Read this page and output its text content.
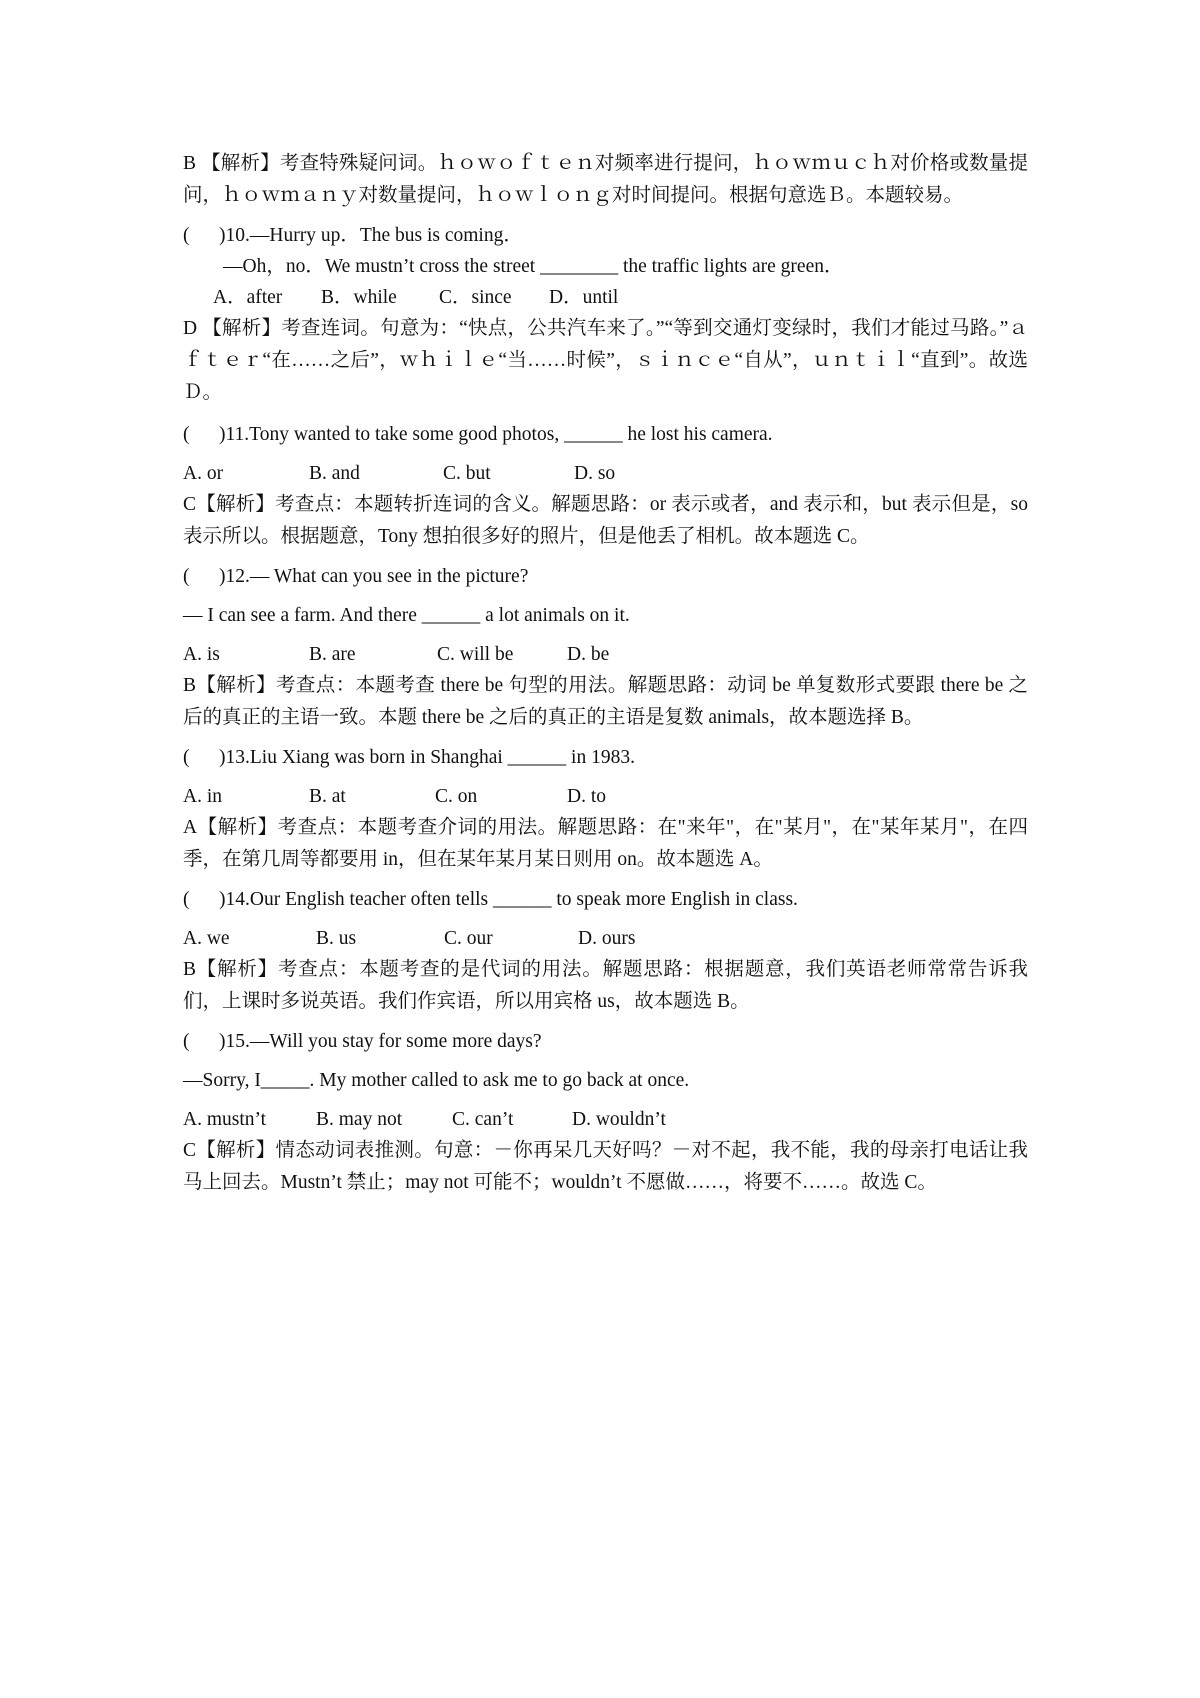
B 【解析】考查特殊疑问词。ｈｏｗｏｆｔｅｎ对频率进行提问，ｈｏｗｍｕｃｈ对价格或数量提问，ｈｏｗｍａｎｙ对数量提问，ｈｏｗｌｏｎｇ对时间提问。根据句意选Ｂ。本题较易。
( )10.—Hurry up．The bus is coming．
—Oh，no．We mustn’t cross the street ________ the traffic lights are green．
A．after B．while C．since D．until
D 【解析】考查连词。句意为：“快点，公共汽车来了。”“等到交通灯变绿时，我们才能过马路。”ａｆｔｅｒ“在……之后”，ｗｈｉｌｅ“当……时候”，ｓｉｎｃｅ“自从”，ｕｎｔｉｌ“直到”。故选Ｄ。
( )11.Tony wanted to take some good photos, ______ he lost his camera.
A. or	B. and	C. but	D. so
C【解析】考查点：本题转折连词的含义。解题思路：or 表示或者，and 表示和，but 表示但是，so 表示所以。根据题意，Tony 想拍很多好的照片，但是他丢了相机。故本题选 C。
( )12.— What can you see in the picture?
— I can see a farm. And there ______ a lot animals on it.
A. is	B. are	C. will be	D. be
B【解析】考查点：本题考查 there be 句型的用法。解题思路：动词 be 单复数形式要跟 there be 之后的真正的主语一致。本题 there be 之后的真正的主语是复数 animals，故本题选择 B。
( )13.Liu Xiang was born in Shanghai ______ in 1983.
A. in	B. at	C. on	D. to
A【解析】考查点：本题考查介词的用法。解题思路：在"来年"，在"某月"，在"某年某月"，在四季，在第几周等都要用 in，但在某年某月某日则用 on。故本题选 A。
( )14.Our English teacher often tells ______ to speak more English in class.
A. we	B. us	C. our	D. ours
B【解析】考查点：本题考查的是代词的用法。解题思路：根据题意，我们英语老师常常告诉我们，上课时多说英语。我们作宾语，所以用宾格 us，故本题选 B。
( )15.—Will you stay for some more days?
—Sorry, I_____. My mother called to ask me to go back at once.
A. mustn’t	B. may not	C. can’t	D. wouldn’t
C【解析】情态动词表推测。句意：－你再呆几天好吗？－对不起，我不能，我的母亲打电话让我马上回去。Mustn’t 禁止；may not 可能不；wouldn’t 不愿做……，将要不……。故选 C。
